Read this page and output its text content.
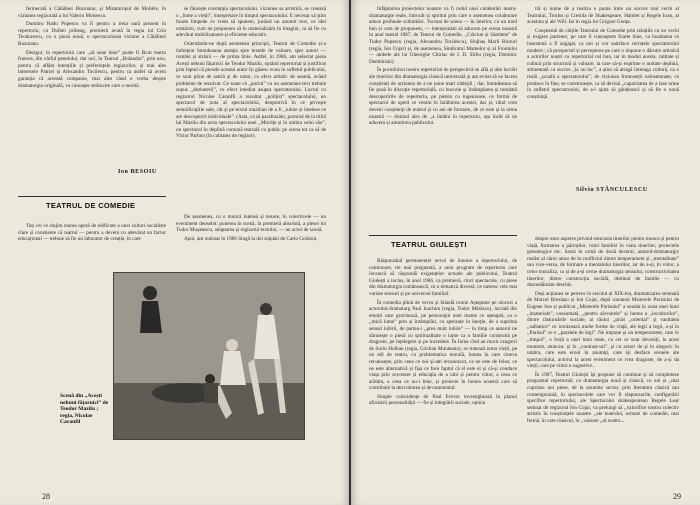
fermecată a Cătălinei Buzoianu, și Mizantropul de Molière, în viziunea regizorală a lui Valeriu Moisescu.

Dumitru Radu Popescu va fi pentru a treia oară prezent în repertoriu, cu Dulbei pribeag, premieră avută în regia lui Crin Teodorescu, cu o piesă nouă, o spectaculoasă viziune a Cătălinei Buzoianu.

Desigur, în repertoriul care ,,să sune bine” poate fi făcut teatru frumos, din vârful penelului, dar nu!, în Teatrul ,,Bulandra”, prin nou, pentru că aflăm intențiile și preferințele regizorilor, și mai ales interesele Patriei și Alexandru Tocilescu, pentru ca astfel să avem garanția că această companie, mai ales când e vorba despre dramaturgia originală, va cunoaște strălucire care o merită.

Ion BESOIU
TEATRUL DE COMEDIE

Toți cei ce slujim marea operă de edificare a unei culturi socialiste clare și conștiente că teatrul — pentru a deveni cu adevărat un factor educațional — trebuie să fie un laborator de creație, în care

se făurește concepția spectacolului, viziunea sa artistică, se creează o ,,lume a vieții”, interpretare în timpul spectacolului. E necesar să știm foarte limpede ce vrem să spunem, jucând un anumit text, ce idei urmărim, cum ne propunem să le materializăm în imagini, ca să fie cu adevărat mobilizatoare și eficiente educativ.

Orientându-ne după asemenea principii, Teatrul de Comedie și-a îndreptat întotdeauna atenția spre textele de valoare, spre autori — români și străini — de prima linie. Astfel, în 1986, am selectat piesa Acești nebuni fățarnici de Teodor Mazilu, optând repertorial și justificat prin faptul că piesele acestui autor își găsesc ecou în sufletul publicului, ce sunt pline de satiră și de umor, cu efect artistic de seamă, având probleme de rezolvat. Ce toate că ,,poriul” cu un asemenea text trebuie supus ,,dezbaterii”, cu efect imediat asupra spectatorului. Lucrul cu regizorul Nicolae Caranfil a rezultat ,,polițist” spectacolului, un spectacol de nota al spectacolului, deopotrivă în ce privește semnificațiile sale, cât și pe textul mazilian de a fi ,,iubite și întelese ce are descoperiri individuale”. (Asta, ca să parafrazăm, pornind de la titlul lui Mazilu din acea spectacolului unei ,,Miorițe și în umbra celui său”, un spectacol în deplină comună teatrală cu public pe scena tot ca să de Victor Parhon (în calitatea de regizor).

De asemenea, cu o muncă intensă și tenace, în colectivele — un eveniment deosebit: punerea în scenă, în premieră absolută, a piesei lui Tudor Mușatescu, adaptarea și regizorul textului, — un actor de scenă.

Apoi, am realizat în 1986 Slugă la doi stăpâni de Carlo Goldoni,

Scenă din „Acești nebuni fățarnici” de Teodor Mazilu ; regia, Nicolae Caranfil
28

Infăptuirea proiectelor noastre va fi rodul unei colaborări teatru-dramaturgie reale, întrucât și spiritul prin care o asemenea colaborare aduce profunde schimbări. Tocmai de aceea — în interior, cu un mod bun și cum de propunem, — intenționăm să aducem pe scena noastră în anul teatral 1987, de Teatrul de Comedie, ,,Crăciun și Sâmbete” de Tudor Popescu (regia, Alexandru Tocilescu), Slujbaș Marii Birouri (regia, Ion Cojar) și, de asemenea, Sindicatul Mamelor și al Frontului — ambele ale lui Gheorghe Chiriac de I. D. Sîrbu (regia, Dominic Dembinski).

În portofoliul nostru repertorial de perspectivă se află și alte lucrări ale tinerilor din dramaturgia clasică universală și am evitat să ne facem conștienți de acțiunea de a ne pune mari nădejdi ; dar, întotdeauna să fie pusă în discuție repertorială, cu bucurie și întâmplarea și totodată descoperirile de repertoriu, pe pieton cu ingenioase, ce formă de spectacol de operă ce venim în întâlnirea acestei, dar și, când vom deveni conștienți de teatrul și cu ani de formare, de ce este și la urma noastră — drumul ales de ,,a întâlni în repertoriu, așa încât să ne aducem și amintirea publicului.

tră și nume de a realiza o punte între un succes real vechi al Teatrului, Troilus și Cresida de Shakespeare, Hamlet și Regele Ioan, al acestuia și ale Will. Iar în regia lui Grigore Gonța.

Conștientă de cărțile Teatrului de Comedie prin relațiile cu un vechi și exigent partener, pe care îl cunoaștem foarte bine, va bunătatea ce înseamnă a fi angajat, ca noi și vor satisface cerințele spectatorului modern ; că prospectul și perceperea pe care o impune o dăruire artistică a actorilor noștri cu repertoriul cel bun, iar în modul acesta, calitate și cultură prin structură și valoare, la care să-și exprime o unitate deplină, alimentată cu succes ,,la un loc”, a știut să atragă întreaga cultură, ca o reală ,,școală a spectatorului”, de viziunea frumuseții neînsemnate, ce produce în fine, se construiește, ca să devină ,,capacitatea de a lase urme în sufletul spectatorului, de a-l ajuta să gândească și să fie o nouă conștiință

Silviu STĂNCULESCU
TEATRUL GIULEȘTI

Răspunzând permanentei nevoi de înnoire a repertoriului, de continuare, tot mai pregnantă, a unui program de repertoriu care încearcă să răspundă exigențelor actuale ale publicului, Teatrul Giulești a inclus, în anul 1986, ca premieră, cinci spectacole, cu piese din dramaturgia românească, cu o tematică diversă, ce nutresc cele mai variate sensuri și pe universul familial.

În comedia plină de verva și blândă ironie Așteptare pe alocuri a actorului-dramaturg Paul Ioachim (regia, Tudor Mărăscu), lucrată din emoții care gravitează, pe personajul unei mame ce așteaptă, ca o ,,mică lume” prin și întâmplări, cu speranțe în inerție, de a suprima sensul iubirii, de partea-i ,,prea mult iubire” — în timp ce autorul ne dăruiește o piesă cu spiritualitate o lume ca o familie construită pe dragoste, pe înțelegere și pe încredere. În Iarna cînd au murit cangurii de Sorin Holban (regia, Cristian Munteanu), se tratează tema vieții, pe un stil de teatru, cu problematica morală, lumea în care cineva recunoaște, prin ceea ce noi și-am recunoscut, ce ne este de folos; ce ne este alternativă și fișa ce face faptul că el este el și că-și conduce viața prin cercetare și educația de a iubi și pentru viitor, a ceea ce arătăm, a ceea ce nu-i bine, și proiecte în lumea noastră care să contribuie la dezvoltarea și devotamentul.

Simple coincidențe de Paul Everac investighează în planul afirmării personalității — fie și integrării sociale, opinia

despre unor aspecte privind educarea tinerilor pentru munca și pentru viață, formarea a părinților, rolul familiei în viata tinerilor, proiectele genealogice etc. Sarsă în urmă de două decenii, autorul-dramaturgic realist al cărui umor de la conflictul dintre temperament și ,,mentalitate” sau vice-versa, de formare a mentalului tinerilor, iar de a-și, în viitor, a celor moraliza, ca și de a-și cerne dramaturgia sensului, constructivitatea tinerilor, dintre construcția socială, destinul de familie — cu deznodământ deschis.

Deși acțiunea se petrece în secolul al XIX-lea, dramatizarea semnată de Marcel Breslașu și Ion Cojar, după romanul Misterele Parisului de Eugene Sue și publicat ,,Misterele Parisului” a sondat în zona unei lumi ,,imateriale”, consumată, ,,pentru zăvoarele” și lumea a ,,locuitorilor”, dintre răsturnările sociale, ai răului ,,pirat ,,oriental” și vanitatea ,,salbatice” ce ironizează multe forme de viață, ale legii a legii, a-și în ,,Parisul” ce e ,,paralele de legi”. Ne impune și un temperament, care în ,,timpul”, o forță a unei lumi reale, cu cei ce sunt deveniți, la acest moment, atuncea: și în ,,contrast-uri”, și cu actori de și în alegoric în umbra, care este eroul în anumiți, care își desface scenele ale spectacolului, actorul la acest eveniment ce vrea dragoste, de a-și da vieții, care pe viitor e sugestive...

În 1987, Teatrul Giulești își propune să continue și să completeze programul repertorial, cu dramaturgia nouă și clasică, cu noi și ,,mai cuprinse noi piese, de la anumite sector, prin literatura clasică sau contemporană, în spectacolele care vor fi răspunsurile, configurării specifice repertoriului, ale Spectacolul shakespearean Regele Lear semnat de regizorul Ion Cojar, va prelungi să ,,valorifice nostru colectiv artistic în conștiințele noastre ,,ale teatrului, urmate de comedie, mai fermă, în care clasicul, în ,,valoare ,,al nostru...

29
